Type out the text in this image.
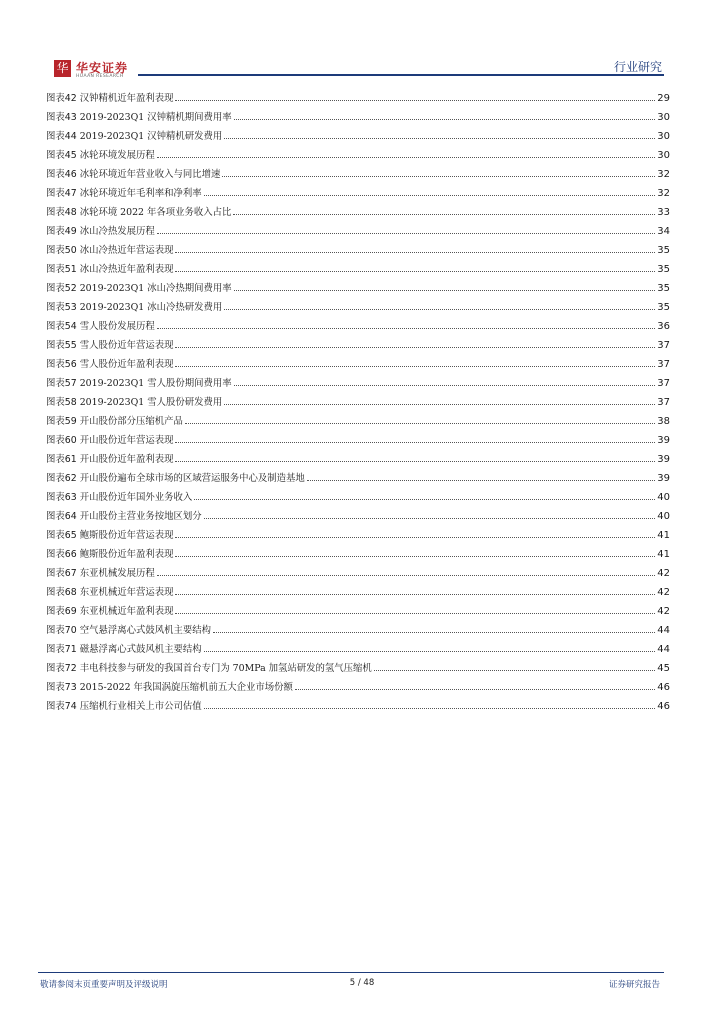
华 华安证券
HUAAN RESEARCH
行业研究
图表42 汉钟精机近年盈利表现	29
图表43 2019-2023Q1 汉钟精机期间费用率	30
图表44 2019-2023Q1 汉钟精机研发费用	30
图表45 冰轮环境发展历程	30
图表46 冰轮环境近年营业收入与同比增速	32
图表47 冰轮环境近年毛利率和净利率	32
图表48 冰轮环境 2022 年各项业务收入占比	33
图表49 冰山冷热发展历程	34
图表50 冰山冷热近年营运表现	35
图表51 冰山冷热近年盈利表现	35
图表52 2019-2023Q1 冰山冷热期间费用率	35
图表53 2019-2023Q1 冰山冷热研发费用	35
图表54 雪人股份发展历程	36
图表55 雪人股份近年营运表现	37
图表56 雪人股份近年盈利表现	37
图表57 2019-2023Q1 雪人股份期间费用率	37
图表58 2019-2023Q1 雪人股份研发费用	37
图表59 开山股份部分压缩机产品	38
图表60 开山股份近年营运表现	39
图表61 开山股份近年盈利表现	39
图表62 开山股份遍布全球市场的区域营运服务中心及制造基地	39
图表63 开山股份近年国外业务收入	40
图表64 开山股份主营业务按地区划分	40
图表65 鲍斯股份近年营运表现	41
图表66 鲍斯股份近年盈利表现	41
图表67 东亚机械发展历程	42
图表68 东亚机械近年营运表现	42
图表69 东亚机械近年盈利表现	42
图表70 空气悬浮离心式鼓风机主要结构	44
图表71 磁悬浮离心式鼓风机主要结构	44
图表72 丰电科技参与研发的我国首台专门为 70MPa 加氢站研发的氢气压缩机	45
图表73 2015-2022 年我国涡旋压缩机前五大企业市场份额	46
图表74 压缩机行业相关上市公司估值	46
敬请参阅末页重要声明及评级说明	5 / 48	证券研究报告
